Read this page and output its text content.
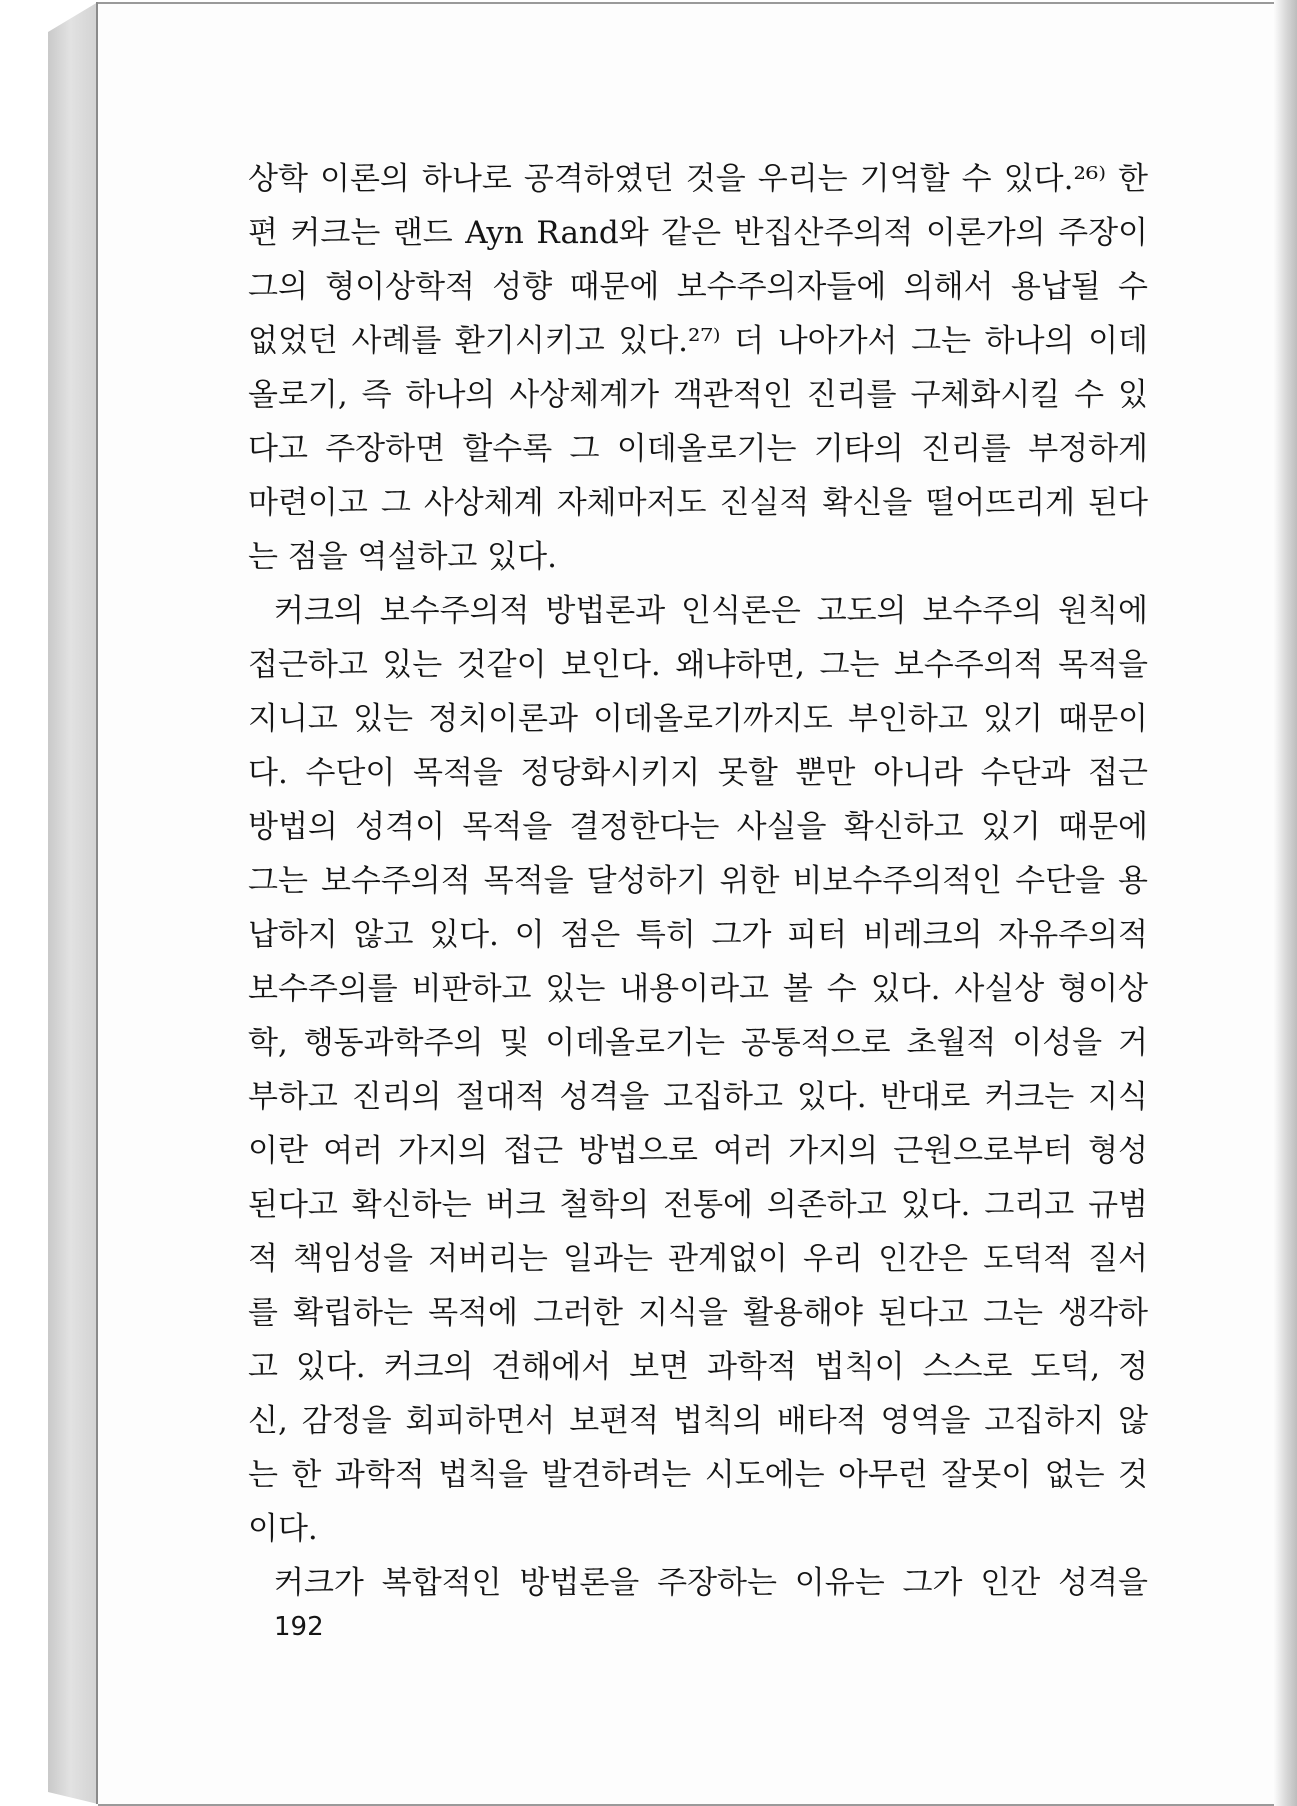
상학 이론의 하나로 공격하였던 것을 우리는 기억할 수 있다.²⁶⁾ 한
편 커크는 랜드 Ayn Rand와 같은 반집산주의적 이론가의 주장이
그의 형이상학적 성향 때문에 보수주의자들에 의해서 용납될 수
없었던 사례를 환기시키고 있다.²⁷⁾ 더 나아가서 그는 하나의 이데
올로기, 즉 하나의 사상체계가 객관적인 진리를 구체화시킬 수 있
다고 주장하면 할수록 그 이데올로기는 기타의 진리를 부정하게
마련이고 그 사상체계 자체마저도 진실적 확신을 떨어뜨리게 된다
는 점을 역설하고 있다.
커크의 보수주의적 방법론과 인식론은 고도의 보수주의 원칙에
접근하고 있는 것같이 보인다. 왜냐하면, 그는 보수주의적 목적을
지니고 있는 정치이론과 이데올로기까지도 부인하고 있기 때문이
다. 수단이 목적을 정당화시키지 못할 뿐만 아니라 수단과 접근
방법의 성격이 목적을 결정한다는 사실을 확신하고 있기 때문에
그는 보수주의적 목적을 달성하기 위한 비보수주의적인 수단을 용
납하지 않고 있다. 이 점은 특히 그가 피터 비레크의 자유주의적
보수주의를 비판하고 있는 내용이라고 볼 수 있다. 사실상 형이상
학, 행동과학주의 및 이데올로기는 공통적으로 초월적 이성을 거
부하고 진리의 절대적 성격을 고집하고 있다. 반대로 커크는 지식
이란 여러 가지의 접근 방법으로 여러 가지의 근원으로부터 형성
된다고 확신하는 버크 철학의 전통에 의존하고 있다. 그리고 규범
적 책임성을 저버리는 일과는 관계없이 우리 인간은 도덕적 질서
를 확립하는 목적에 그러한 지식을 활용해야 된다고 그는 생각하
고 있다. 커크의 견해에서 보면 과학적 법칙이 스스로 도덕, 정
신, 감정을 회피하면서 보편적 법칙의 배타적 영역을 고집하지 않
는 한 과학적 법칙을 발견하려는 시도에는 아무런 잘못이 없는 것
이다.
커크가 복합적인 방법론을 주장하는 이유는 그가 인간 성격을
192
